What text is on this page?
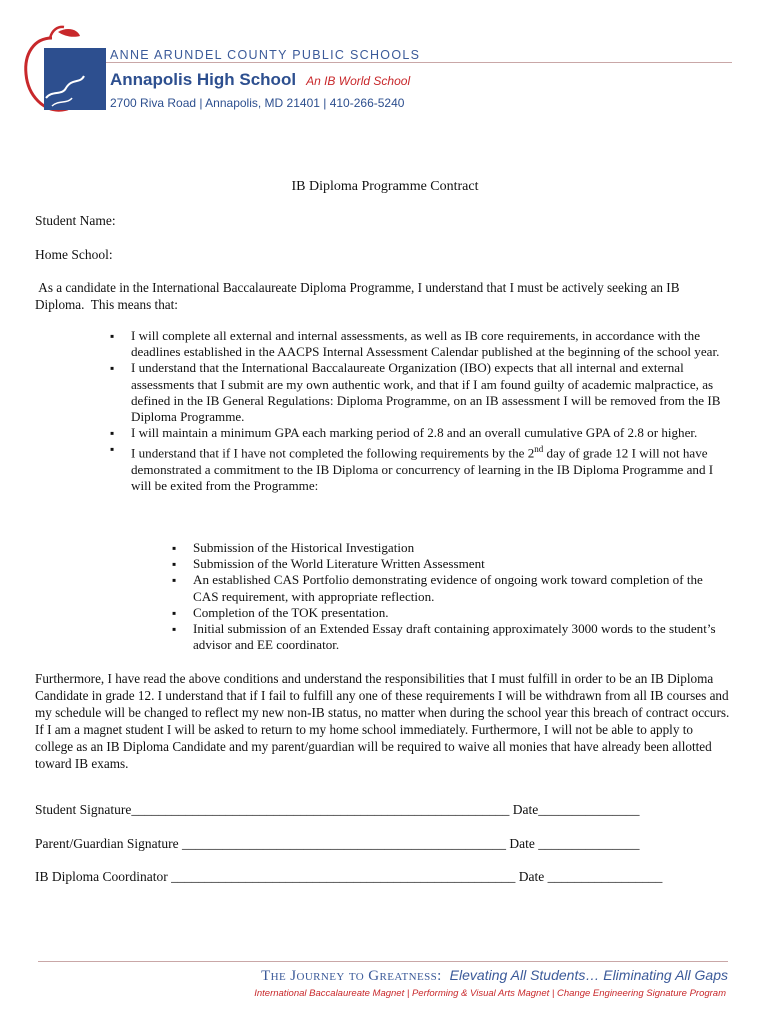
ANNE ARUNDEL COUNTY PUBLIC SCHOOLS
Annapolis High School An IB World School
2700 Riva Road | Annapolis, MD 21401 | 410-266-5240
IB Diploma Programme Contract
Student Name:
Home School:
As a candidate in the International Baccalaureate Diploma Programme, I understand that I must be actively seeking an IB Diploma.  This means that:
▪ I will complete all external and internal assessments, as well as IB core requirements, in accordance with the deadlines established in the AACPS Internal Assessment Calendar published at the beginning of the school year.
▪ I understand that the International Baccalaureate Organization (IBO) expects that all internal and external assessments that I submit are my own authentic work, and that if I am found guilty of academic malpractice, as defined in the IB General Regulations: Diploma Programme, on an IB assessment I will be removed from the IB Diploma Programme.
▪ I will maintain a minimum GPA each marking period of 2.8 and an overall cumulative GPA of 2.8 or higher.
▪ I understand that if I have not completed the following requirements by the 2nd day of grade 12 I will not have demonstrated a commitment to the IB Diploma or concurrency of learning in the IB Diploma Programme and I will be exited from the Programme:
▪ Submission of the Historical Investigation
▪ Submission of the World Literature Written Assessment
▪ An established CAS Portfolio demonstrating evidence of ongoing work toward completion of the CAS requirement, with appropriate reflection.
▪ Completion of the TOK presentation.
▪ Initial submission of an Extended Essay draft containing approximately 3000 words to the student’s advisor and EE coordinator.
Furthermore, I have read the above conditions and understand the responsibilities that I must fulfill in order to be an IB Diploma Candidate in grade 12. I understand that if I fail to fulfill any one of these requirements I will be withdrawn from all IB courses and my schedule will be changed to reflect my new non-IB status, no matter when during the school year this breach of contract occurs. If I am a magnet student I will be asked to return to my home school immediately. Furthermore, I will not be able to apply to college as an IB Diploma Candidate and my parent/guardian will be required to waive all monies that have already been allotted toward IB exams.
Student Signature________________________________________________________ Date_______________
Parent/Guardian Signature ________________________________________________ Date _______________
IB Diploma Coordinator ___________________________________________________ Date _________________
The Journey to Greatness: Elevating All Students… Eliminating All Gaps
International Baccalaureate Magnet | Performing & Visual Arts Magnet | Change Engineering Signature Program
